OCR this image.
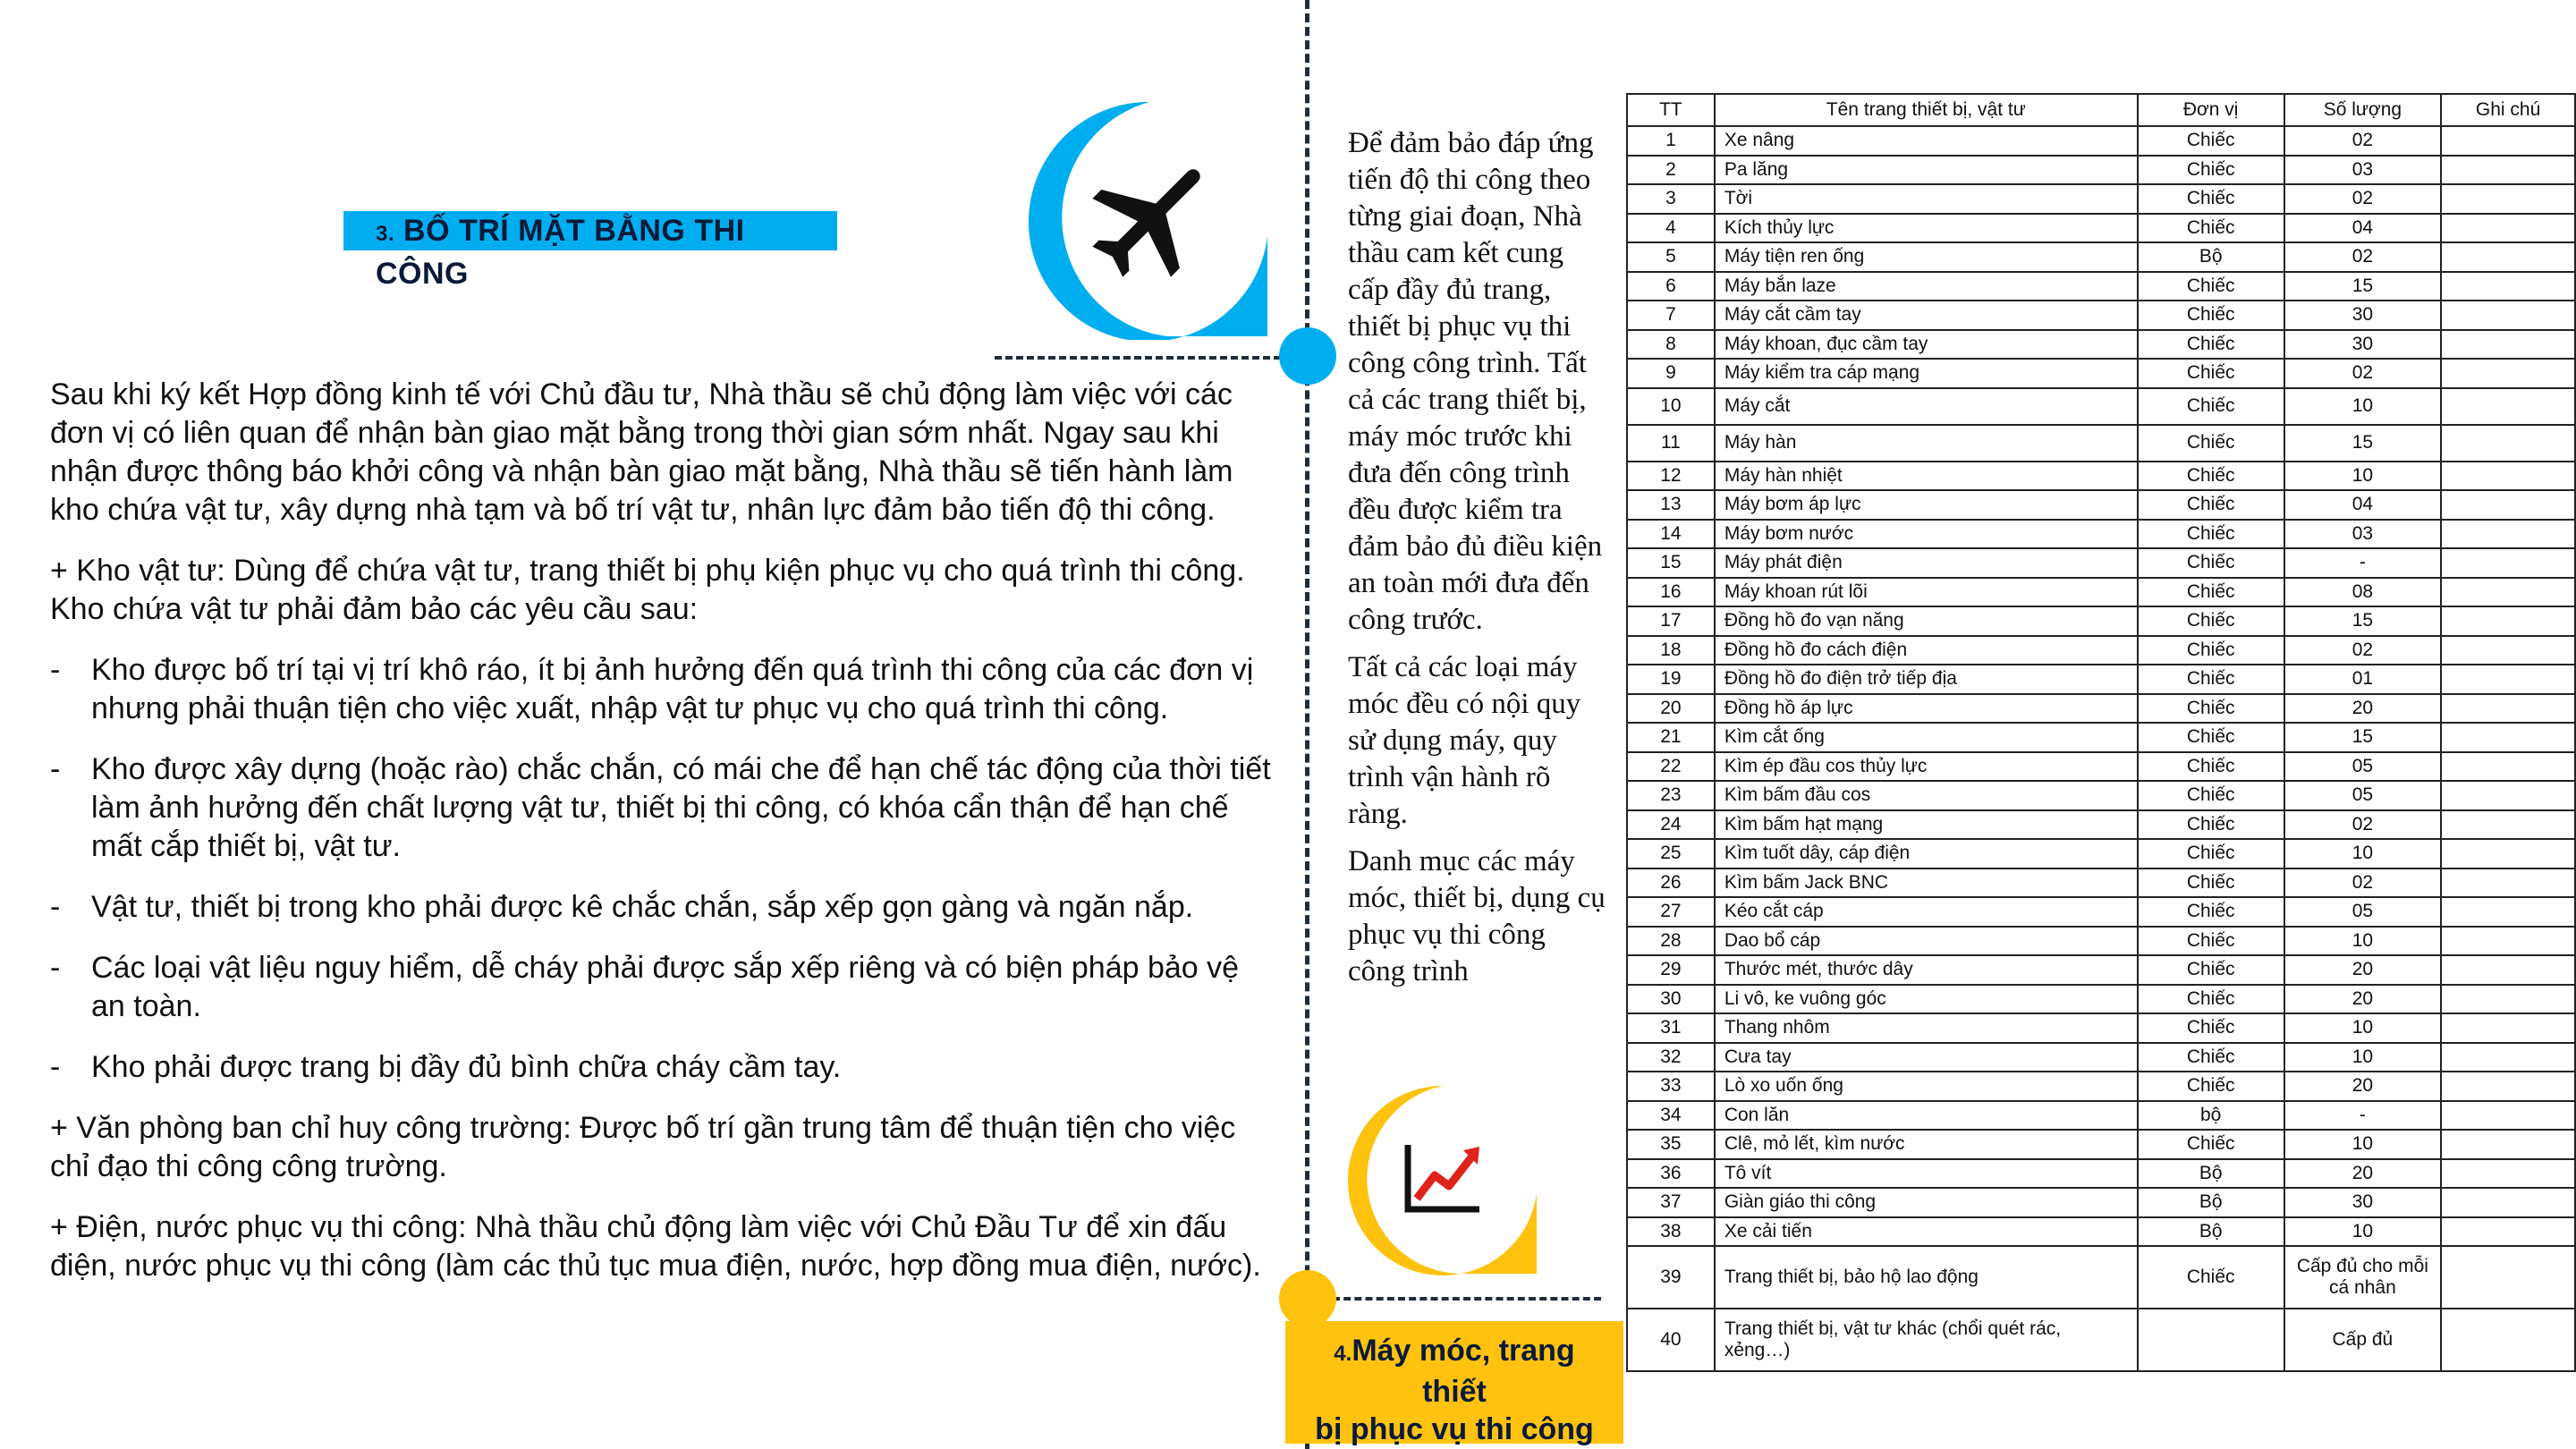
3. BỐ TRÍ MẶT BẰNG THI CÔNG

Sau khi ký kết Hợp đồng kinh tế với Chủ đầu tư, Nhà thầu sẽ chủ động làm việc với các đơn vị có liên quan để nhận bàn giao mặt bằng trong thời gian sớm nhất. Ngay sau khi nhận được thông báo khởi công và nhận bàn giao mặt bằng, Nhà thầu sẽ tiến hành làm kho chứa vật tư, xây dựng nhà tạm và bố trí vật tư, nhân lực đảm bảo tiến độ thi công.

+ Kho vật tư: Dùng để chứa vật tư, trang thiết bị phụ kiện phục vụ cho quá trình thi công. Kho chứa vật tư phải đảm bảo các yêu cầu sau:

- Kho được bố trí tại vị trí khô ráo, ít bị ảnh hưởng đến quá trình thi công của các đơn vị nhưng phải thuận tiện cho việc xuất, nhập vật tư phục vụ cho quá trình thi công.

- Kho được xây dựng (hoặc rào) chắc chắn, có mái che để hạn chế tác động của thời tiết làm ảnh hưởng đến chất lượng vật tư, thiết bị thi công, có khóa cẩn thận để hạn chế mất cắp thiết bị, vật tư.

- Vật tư, thiết bị trong kho phải được kê chắc chắn, sắp xếp gọn gàng và ngăn nắp.

- Các loại vật liệu nguy hiểm, dễ cháy phải được sắp xếp riêng và có biện pháp bảo vệ an toàn.

- Kho phải được trang bị đầy đủ bình chữa cháy cầm tay.

+ Văn phòng ban chỉ huy công trường: Được bố trí gần trung tâm để thuận tiện cho việc chỉ đạo thi công công trường.

+ Điện, nước phục vụ thi công: Nhà thầu chủ động làm việc với Chủ Đầu Tư để xin đấu điện, nước phục vụ thi công (làm các thủ tục mua điện, nước, hợp đồng mua điện, nước).

Để đảm bảo đáp ứng tiến độ thi công theo từng giai đoạn, Nhà thầu cam kết cung cấp đầy đủ trang, thiết bị phục vụ thi công công trình. Tất cả các trang thiết bị, máy móc trước khi đưa đến công trình đều được kiểm tra đảm bảo đủ điều kiện an toàn mới đưa đến công trước.

Tất cả các loại máy móc đều có nội quy sử dụng máy, quy trình vận hành rõ ràng.

Danh mục các máy móc, thiết bị, dụng cụ phục vụ thi công công trình

4.Máy móc, trang
thiết
bị phục vụ thi công
TT	Tên trang thiết bị, vật tư	Đơn vị	Số lượng	Ghi chú
1	Xe nâng	Chiếc	02	
2	Pa lăng	Chiếc	03	
3	Tời	Chiếc	02	
4	Kích thủy lực	Chiếc	04	
5	Máy tiện ren ống	Bộ	02	
6	Máy bắn laze	Chiếc	15	
7	Máy cắt cầm tay	Chiếc	30	
8	Máy khoan, đục cầm tay	Chiếc	30	
9	Máy kiểm tra cáp mạng	Chiếc	02	
10	Máy cắt	Chiếc	10	
11	Máy hàn	Chiếc	15	
12	Máy hàn nhiệt	Chiếc	10	
13	Máy bơm áp lực	Chiếc	04	
14	Máy bơm nước	Chiếc	03	
15	Máy phát điện	Chiếc	-	
16	Máy khoan rút lõi	Chiếc	08	
17	Đồng hồ đo vạn năng	Chiếc	15	
18	Đồng hồ đo cách điện	Chiếc	02	
19	Đồng hồ đo điện trở tiếp địa	Chiếc	01	
20	Đồng hồ áp lực	Chiếc	20	
21	Kìm cắt ống	Chiếc	15	
22	Kìm ép đầu cos thủy lực	Chiếc	05	
23	Kìm bấm đầu cos	Chiếc	05	
24	Kìm bấm hạt mạng	Chiếc	02	
25	Kìm tuốt dây, cáp điện	Chiếc	10	
26	Kìm bấm Jack BNC	Chiếc	02	
27	Kéo cắt cáp	Chiếc	05	
28	Dao bổ cáp	Chiếc	10	
29	Thước mét, thước dây	Chiếc	20	
30	Li vô, ke vuông góc	Chiếc	20	
31	Thang nhôm	Chiếc	10	
32	Cưa tay	Chiếc	10	
33	Lò xo uốn ống	Chiếc	20	
34	Con lăn	bộ	-	
35	Clê, mỏ lết, kìm nước	Chiếc	10	
36	Tô vít	Bộ	20	
37	Giàn giáo thi công	Bộ	30	
38	Xe cải tiến	Bộ	10	
39	Trang thiết bị, bảo hộ lao động	Chiếc	Cấp đủ cho mỗi cá nhân	
40	Trang thiết bị, vật tư khác (chổi quét rác, xẻng…)		Cấp đủ	
